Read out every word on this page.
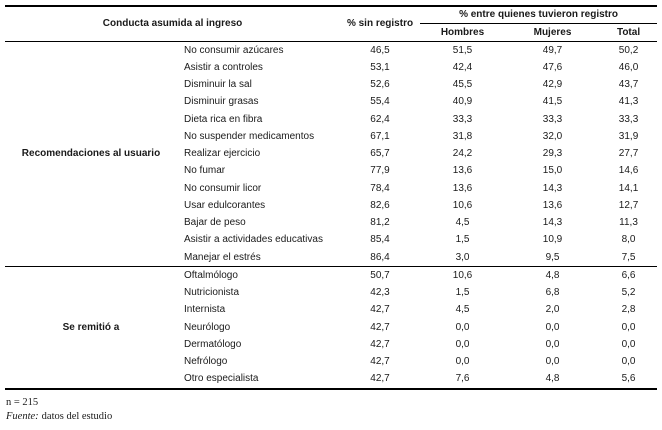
Conducta asumida al ingreso		% sin registro	% entre quienes tuvieron registro		
			Hombres	Mujeres	Total
Recomendaciones al usuario	No consumir azúcares	46,5	51,5	49,7	50,2
	Asistir a controles	53,1	42,4	47,6	46,0
	Disminuir la sal	52,6	45,5	42,9	43,7
	Disminuir grasas	55,4	40,9	41,5	41,3
	Dieta rica en fibra	62,4	33,3	33,3	33,3
	No suspender medicamentos	67,1	31,8	32,0	31,9
	Realizar ejercicio	65,7	24,2	29,3	27,7
	No fumar	77,9	13,6	15,0	14,6
	No consumir licor	78,4	13,6	14,3	14,1
	Usar edulcorantes	82,6	10,6	13,6	12,7
	Bajar de peso	81,2	4,5	14,3	11,3
	Asistir a actividades educativas	85,4	1,5	10,9	8,0
	Manejar el estrés	86,4	3,0	9,5	7,5
Se remitió a	Oftalmólogo	50,7	10,6	4,8	6,6
	Nutricionista	42,3	1,5	6,8	5,2
	Internista	42,7	4,5	2,0	2,8
	Neurólogo	42,7	0,0	0,0	0,0
	Dermatólogo	42,7	0,0	0,0	0,0
	Nefrólogo	42,7	0,0	0,0	0,0
	Otro especialista	42,7	7,6	4,8	5,6
n = 215
Fuente: datos del estudio
